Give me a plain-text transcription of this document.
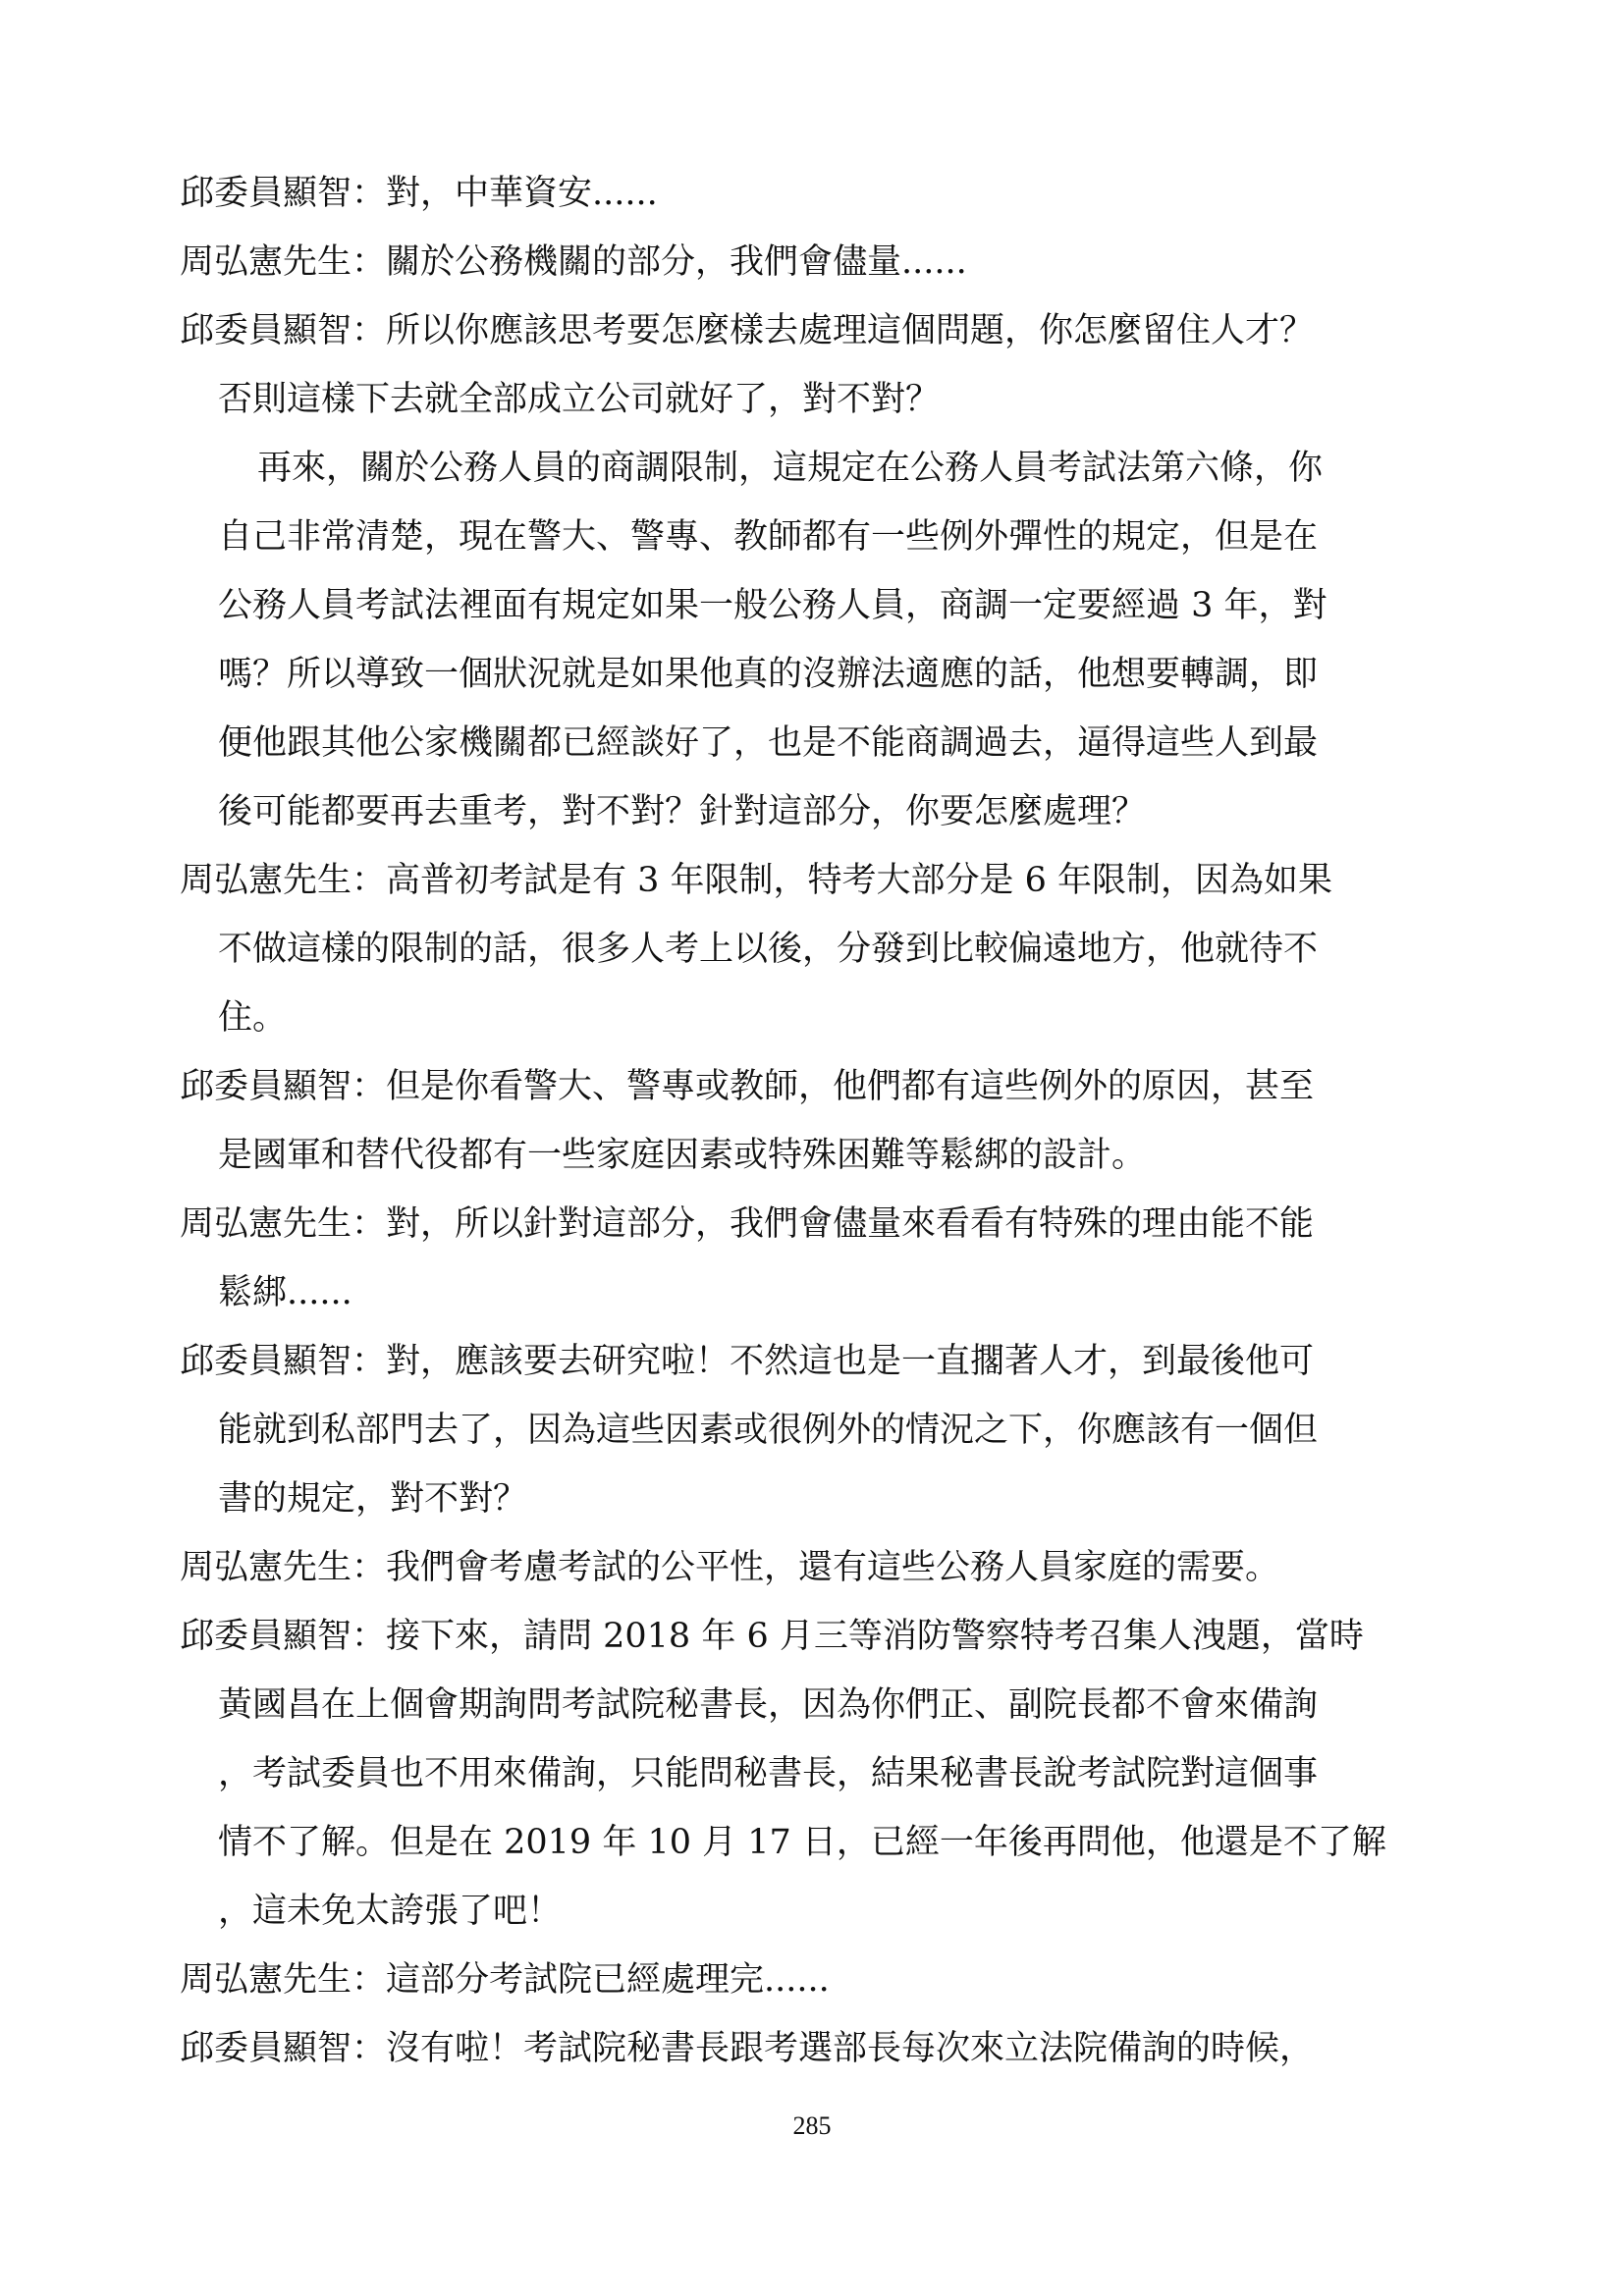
邱委員顯智：對，中華資安......
周弘憲先生：關於公務機關的部分，我們會儘量......
邱委員顯智：所以你應該思考要怎麼樣去處理這個問題，你怎麼留住人才？
否則這樣下去就全部成立公司就好了，對不對？
再來，關於公務人員的商調限制，這規定在公務人員考試法第六條，你
自己非常清楚，現在警大、警專、教師都有一些例外彈性的規定，但是在
公務人員考試法裡面有規定如果一般公務人員，商調一定要經過 3 年，對
嗎？所以導致一個狀況就是如果他真的沒辦法適應的話，他想要轉調，即
便他跟其他公家機關都已經談好了，也是不能商調過去，逼得這些人到最
後可能都要再去重考，對不對？針對這部分，你要怎麼處理？
周弘憲先生：高普初考試是有 3 年限制，特考大部分是 6 年限制，因為如果
不做這樣的限制的話，很多人考上以後，分發到比較偏遠地方，他就待不
住。
邱委員顯智：但是你看警大、警專或教師，他們都有這些例外的原因，甚至
是國軍和替代役都有一些家庭因素或特殊困難等鬆綁的設計。
周弘憲先生：對，所以針對這部分，我們會儘量來看看有特殊的理由能不能
鬆綁......
邱委員顯智：對，應該要去研究啦！不然這也是一直擱著人才，到最後他可
能就到私部門去了，因為這些因素或很例外的情況之下，你應該有一個但
書的規定，對不對？
周弘憲先生：我們會考慮考試的公平性，還有這些公務人員家庭的需要。
邱委員顯智：接下來，請問 2018 年 6 月三等消防警察特考召集人洩題，當時
黃國昌在上個會期詢問考試院秘書長，因為你們正、副院長都不會來備詢
，考試委員也不用來備詢，只能問秘書長，結果秘書長說考試院對這個事
情不了解。但是在 2019 年 10 月 17 日，已經一年後再問他，他還是不了解
，這未免太誇張了吧！
周弘憲先生：這部分考試院已經處理完......
邱委員顯智：沒有啦！考試院秘書長跟考選部長每次來立法院備詢的時候，
285
